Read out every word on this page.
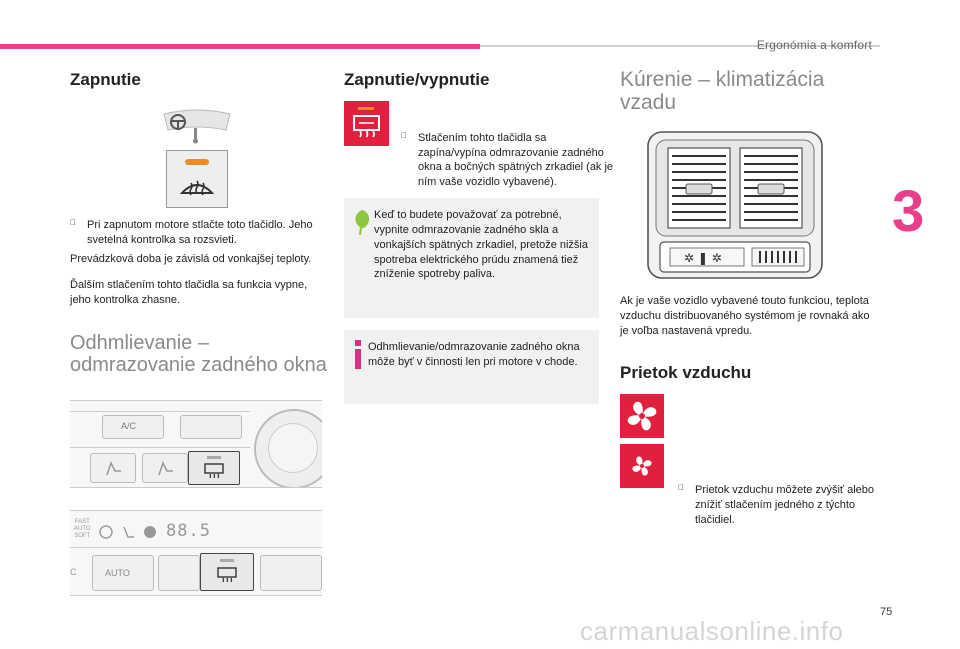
Ergonómia a komfort
3
Zapnutie
Pri zapnutom motore stlačte toto tlačidlo. Jeho svetelná kontrolka sa rozsvieti.
Prevádzková doba je závislá od vonkajšej teploty.
Ďalším stlačením tohto tlačidla sa funkcia vypne, jeho kontrolka zhasne.
Odhmlievanie –
odmrazovanie zadného okna
A/C
FAST
AUTO
SOFT	88.5
C	AUTO
Zapnutie/vypnutie
Stlačením tohto tlačidla sa zapína/vypína odmrazovanie zadného okna a bočných spätných zrkadiel (ak je ním vaše vozidlo vybavené).
Keď to budete považovať za potrebné, vypnite odmrazovanie zadného skla a vonkajších spätných zrkadiel, pretože nižšia spotreba elektrického prúdu znamená tiež zníženie spotreby paliva.
Odhmlievanie/odmrazovanie zadného okna môže byť v činnosti len pri motore v chode.
Kúrenie – klimatizácia
vzadu
✲ ❚ ✲
Ak je vaše vozidlo vybavené touto funkciou, teplota vzduchu distribuovaného systémom je rovnaká ako je voľba nastavená vpredu.
Prietok vzduchu
Prietok vzduchu môžete zvýšiť alebo znížiť stlačením jedného z týchto tlačidiel.
75
carmanualsonline.info
